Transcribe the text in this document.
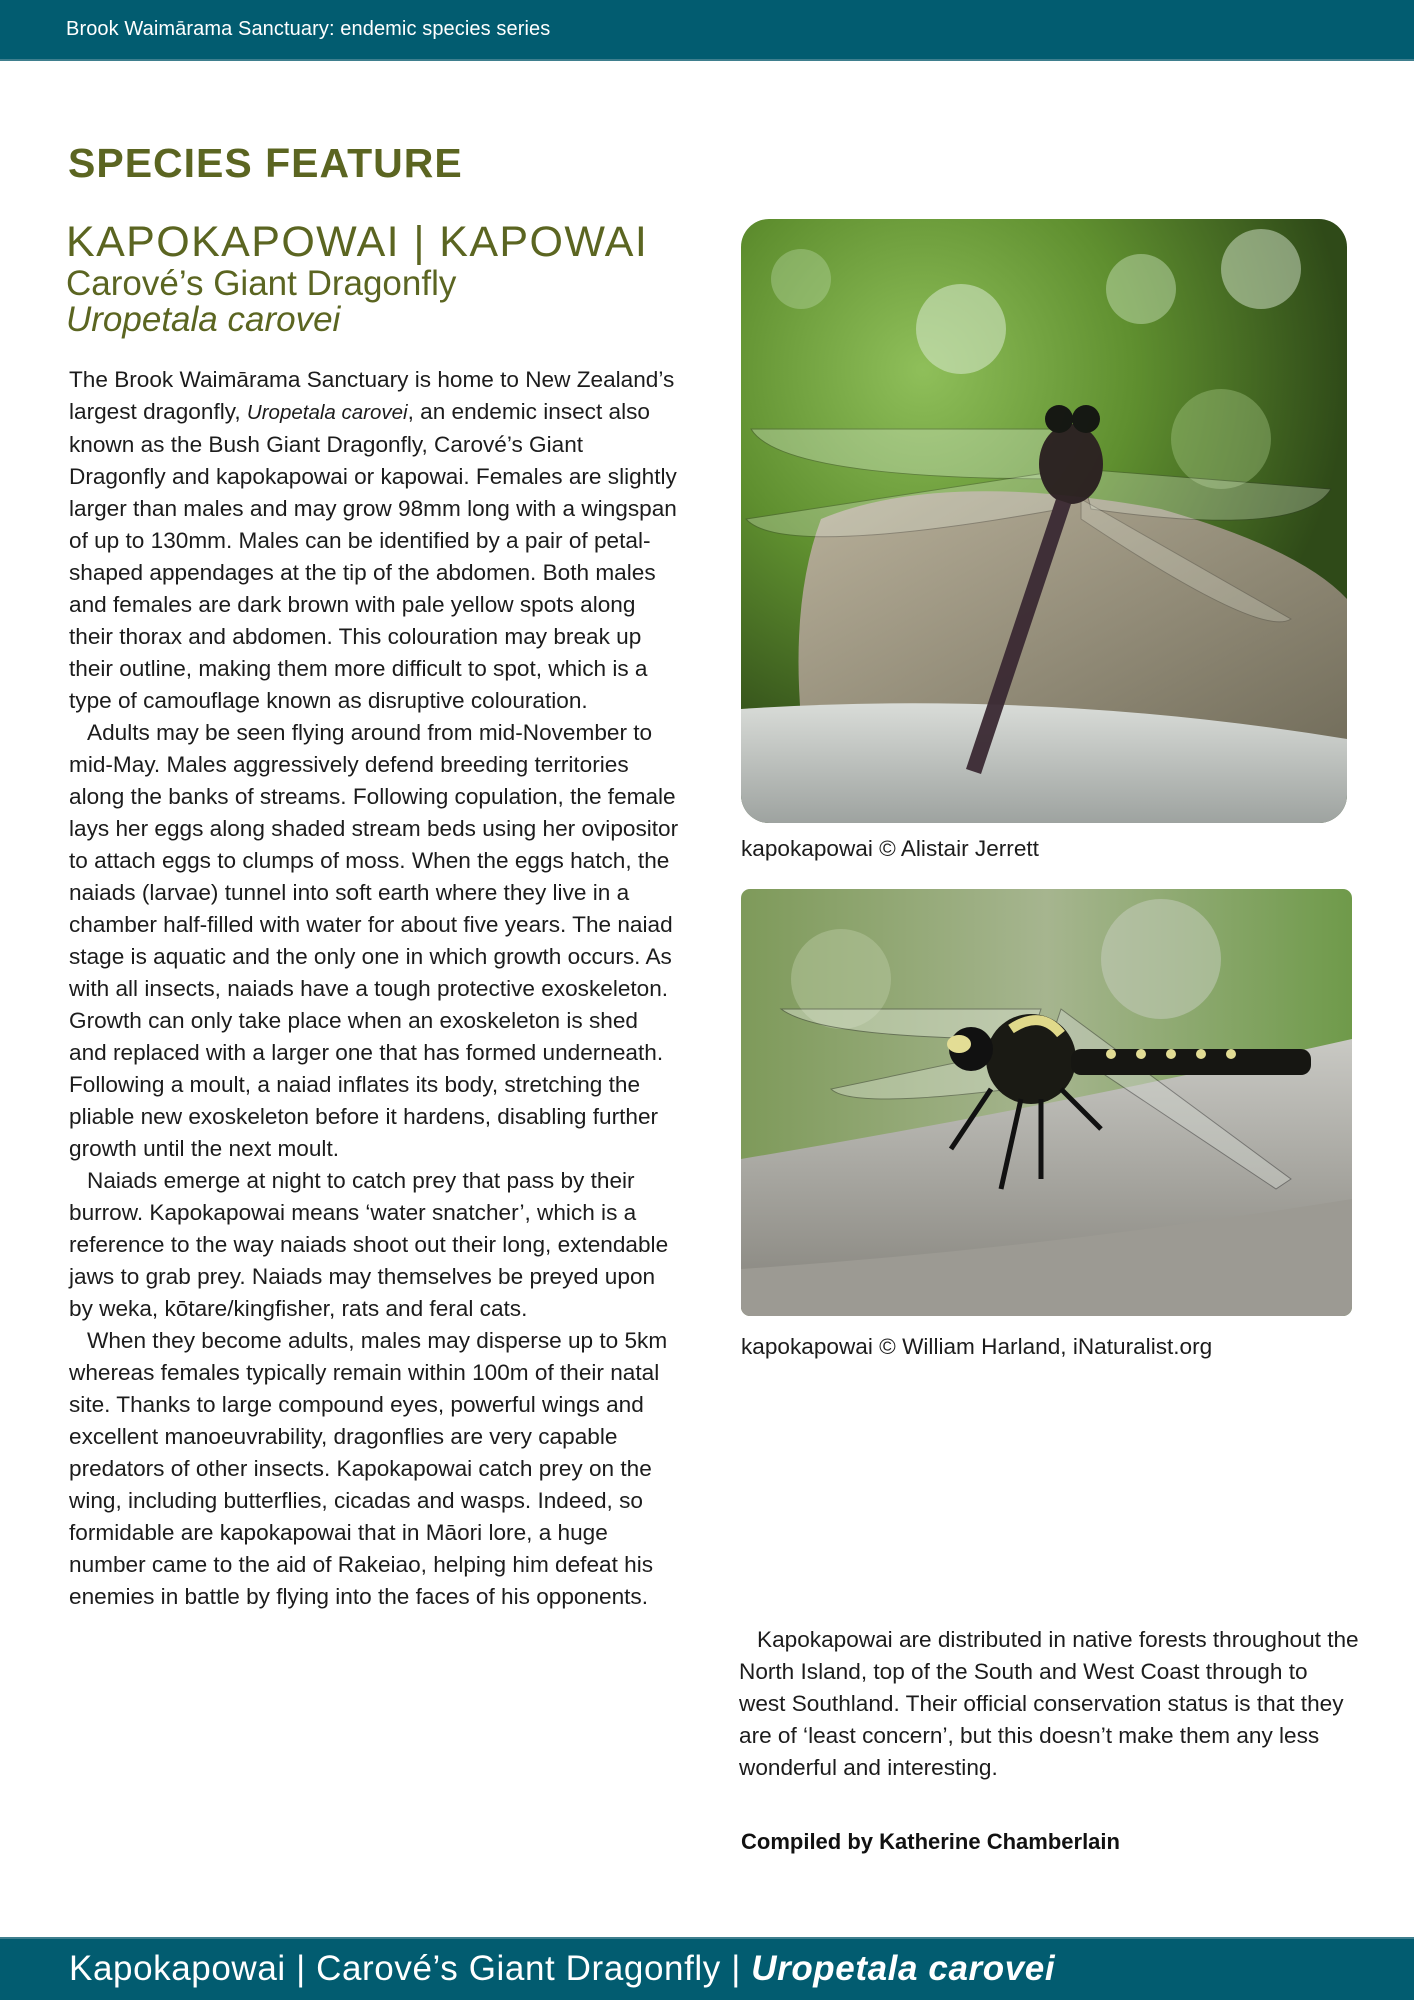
Brook Waimārama Sanctuary: endemic species series
SPECIES FEATURE
KAPOKAPOWAI | KAPOWAI
Carové’s Giant Dragonfly
Uropetala carovei

The Brook Waimārama Sanctuary is home to New Zealand’s largest dragonfly, Uropetala carovei, an endemic insect also known as the Bush Giant Dragonfly, Carové’s Giant Dragonfly and kapokapowai or kapowai. Females are slightly larger than males and may grow 98mm long with a wingspan of up to 130mm. Males can be identified by a pair of petal-shaped appendages at the tip of the abdomen. Both males and females are dark brown with pale yellow spots along their thorax and abdomen. This colouration may break up their outline, making them more difficult to spot, which is a type of camouflage known as disruptive colouration.

Adults may be seen flying around from mid-November to mid-May. Males aggressively defend breeding territories along the banks of streams. Following copulation, the female lays her eggs along shaded stream beds using her ovipositor to attach eggs to clumps of moss. When the eggs hatch, the naiads (larvae) tunnel into soft earth where they live in a chamber half-filled with water for about five years. The naiad stage is aquatic and the only one in which growth occurs. As with all insects, naiads have a tough protective exoskeleton. Growth can only take place when an exoskeleton is shed and replaced with a larger one that has formed underneath. Following a moult, a naiad inflates its body, stretching the pliable new exoskeleton before it hardens, disabling further growth until the next moult.

Naiads emerge at night to catch prey that pass by their burrow. Kapokapowai means ‘water snatcher’, which is a reference to the way naiads shoot out their long, extendable jaws to grab prey. Naiads may themselves be preyed upon by weka, kōtare/kingfisher, rats and feral cats.

When they become adults, males may disperse up to 5km whereas females typically remain within 100m of their natal site. Thanks to large compound eyes, powerful wings and excellent manoeuvrability, dragonflies are very capable predators of other insects. Kapokapowai catch prey on the wing, including butterflies, cicadas and wasps. Indeed, so formidable are kapokapowai that in Māori lore, a huge number came to the aid of Rakeiao, helping him defeat his enemies in battle by flying into the faces of his opponents.

kapokapowai © Alistair Jerrett
kapokapowai © William Harland, iNaturalist.org

Kapokapowai are distributed in native forests throughout the North Island, top of the South and West Coast through to west Southland. Their official conservation status is that they are of ‘least concern’, but this doesn’t make them any less wonderful and interesting.

Compiled by Katherine Chamberlain
Kapokapowai | Carové’s Giant Dragonfly | Uropetala carovei
